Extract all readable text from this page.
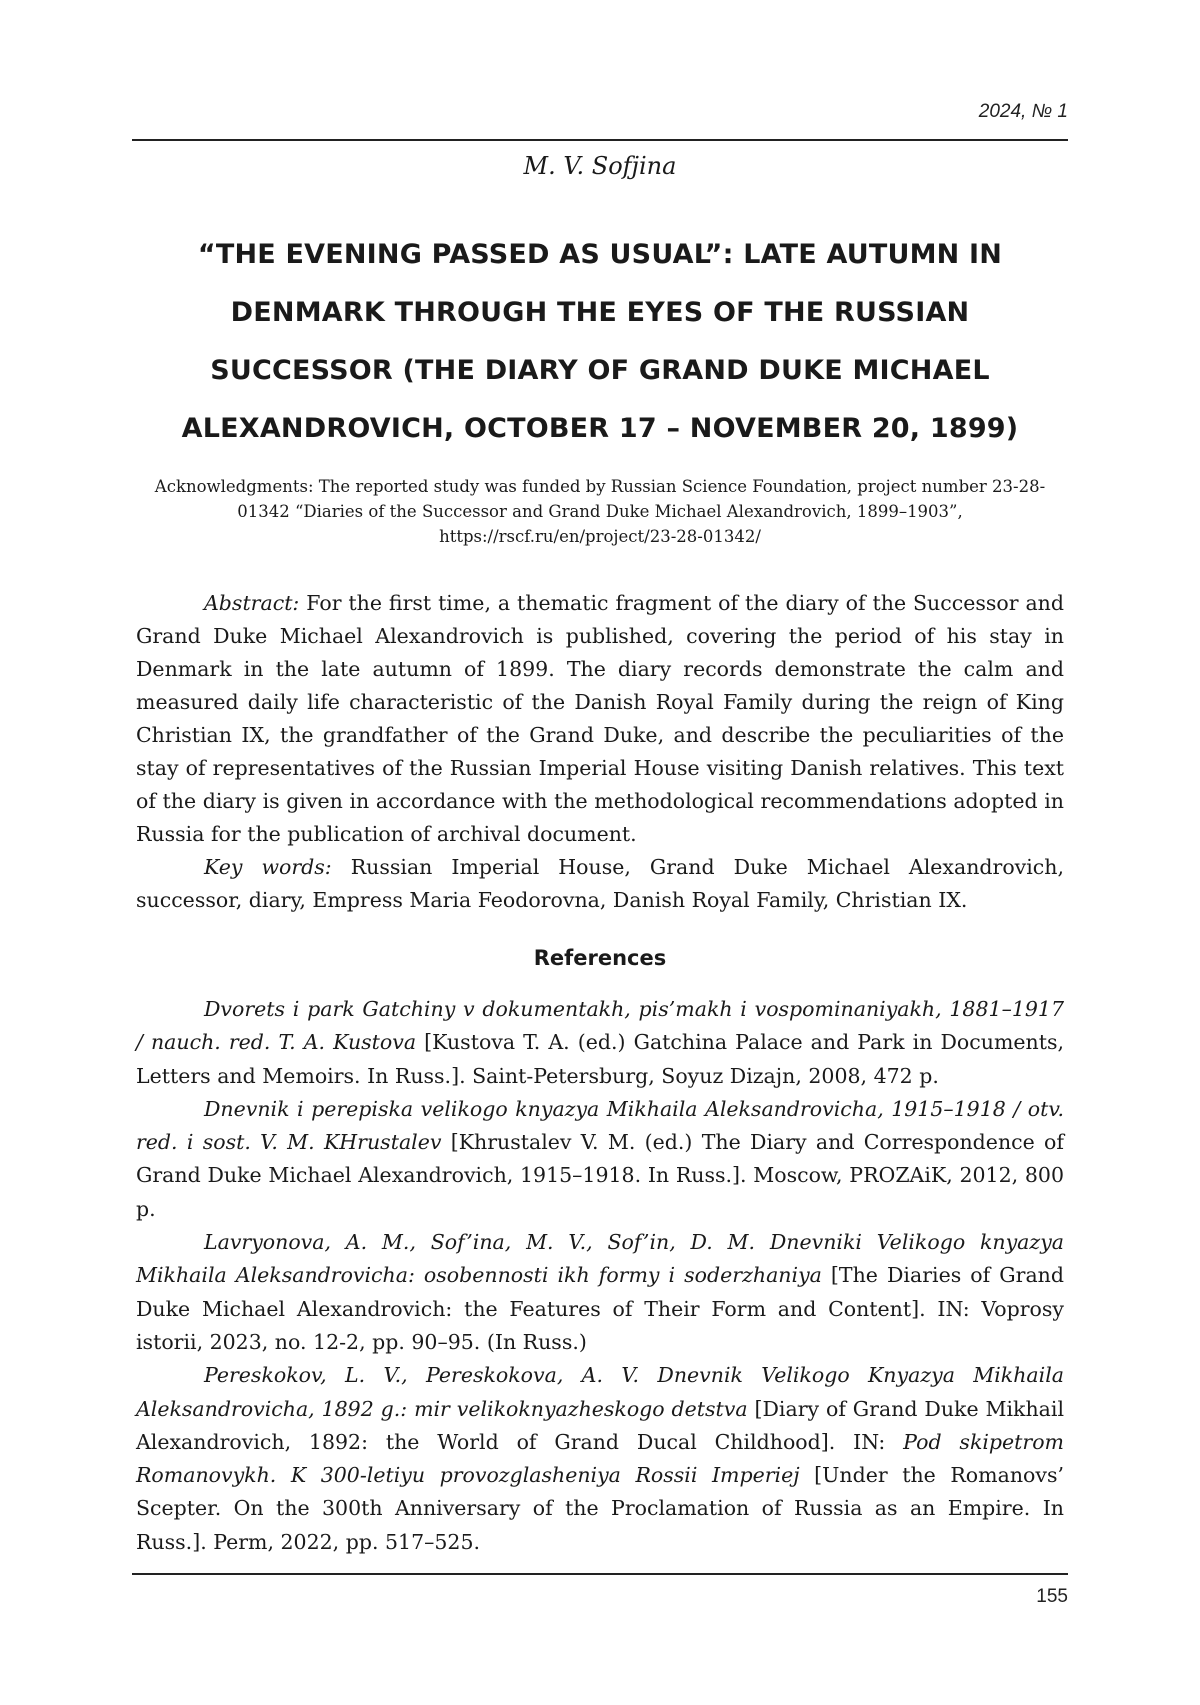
2024, № 1
M. V. Sofjina
“THE EVENING PASSED AS USUAL”: LATE AUTUMN IN DENMARK THROUGH THE EYES OF THE RUSSIAN SUCCESSOR (THE DIARY OF GRAND DUKE MICHAEL ALEXANDROVICH, OCTOBER 17 – NOVEMBER 20, 1899)
Acknowledgments: The reported study was funded by Russian Science Foundation, project number 23-28-01342 “Diaries of the Successor and Grand Duke Michael Alexandrovich, 1899–1903”, https://rscf.ru/en/project/23-28-01342/

Abstract: For the first time, a thematic fragment of the diary of the Successor and Grand Duke Michael Alexandrovich is published, covering the period of his stay in Denmark in the late autumn of 1899. The diary records demonstrate the calm and measured daily life characteristic of the Danish Royal Family during the reign of King Christian IX, the grandfather of the Grand Duke, and describe the peculiarities of the stay of representatives of the Russian Imperial House visiting Danish relatives. This text of the diary is given in accordance with the methodological recommendations adopted in Russia for the publication of archival document.

Key words: Russian Imperial House, Grand Duke Michael Alexandrovich, successor, diary, Empress Maria Feodorovna, Danish Royal Family, Christian IX.

References

Dvorets i park Gatchiny v dokumentakh, pis’makh i vospominaniyakh, 1881–1917 / nauch. red. T. A. Kustova [Kustova T. A. (ed.) Gatchina Palace and Park in Documents, Letters and Memoirs. In Russ.]. Saint-Petersburg, Soyuz Dizajn, 2008, 472 p.

Dnevnik i perepiska velikogo knyazya Mikhaila Aleksandrovicha, 1915–1918 / otv. red. i sost. V. M. KHrustalev [Khrustalev V. M. (ed.) The Diary and Correspondence of Grand Duke Michael Alexandrovich, 1915–1918. In Russ.]. Moscow, PROZAiK, 2012, 800 p.

Lavryonova, A. M., Sof’ina, M. V., Sof’in, D. M. Dnevniki Velikogo knyazya Mikhaila Aleksandrovicha: osobennosti ikh formy i soderzhaniya [The Diaries of Grand Duke Michael Alexandrovich: the Features of Their Form and Content]. IN: Voprosy istorii, 2023, no. 12-2, pp. 90–95. (In Russ.)

Pereskokov, L. V., Pereskokova, A. V. Dnevnik Velikogo Knyazya Mikhaila Aleksandrovicha, 1892 g.: mir velikoknyazheskogo detstva [Diary of Grand Duke Mikhail Alexandrovich, 1892: the World of Grand Ducal Childhood]. IN: Pod skipetrom Romanovykh. K 300-letiyu provozglasheniya Rossii Imperiej [Under the Romanovs’ Scepter. On the 300th Anniversary of the Proclamation of Russia as an Empire. In Russ.]. Perm, 2022, pp. 517–525.

155
